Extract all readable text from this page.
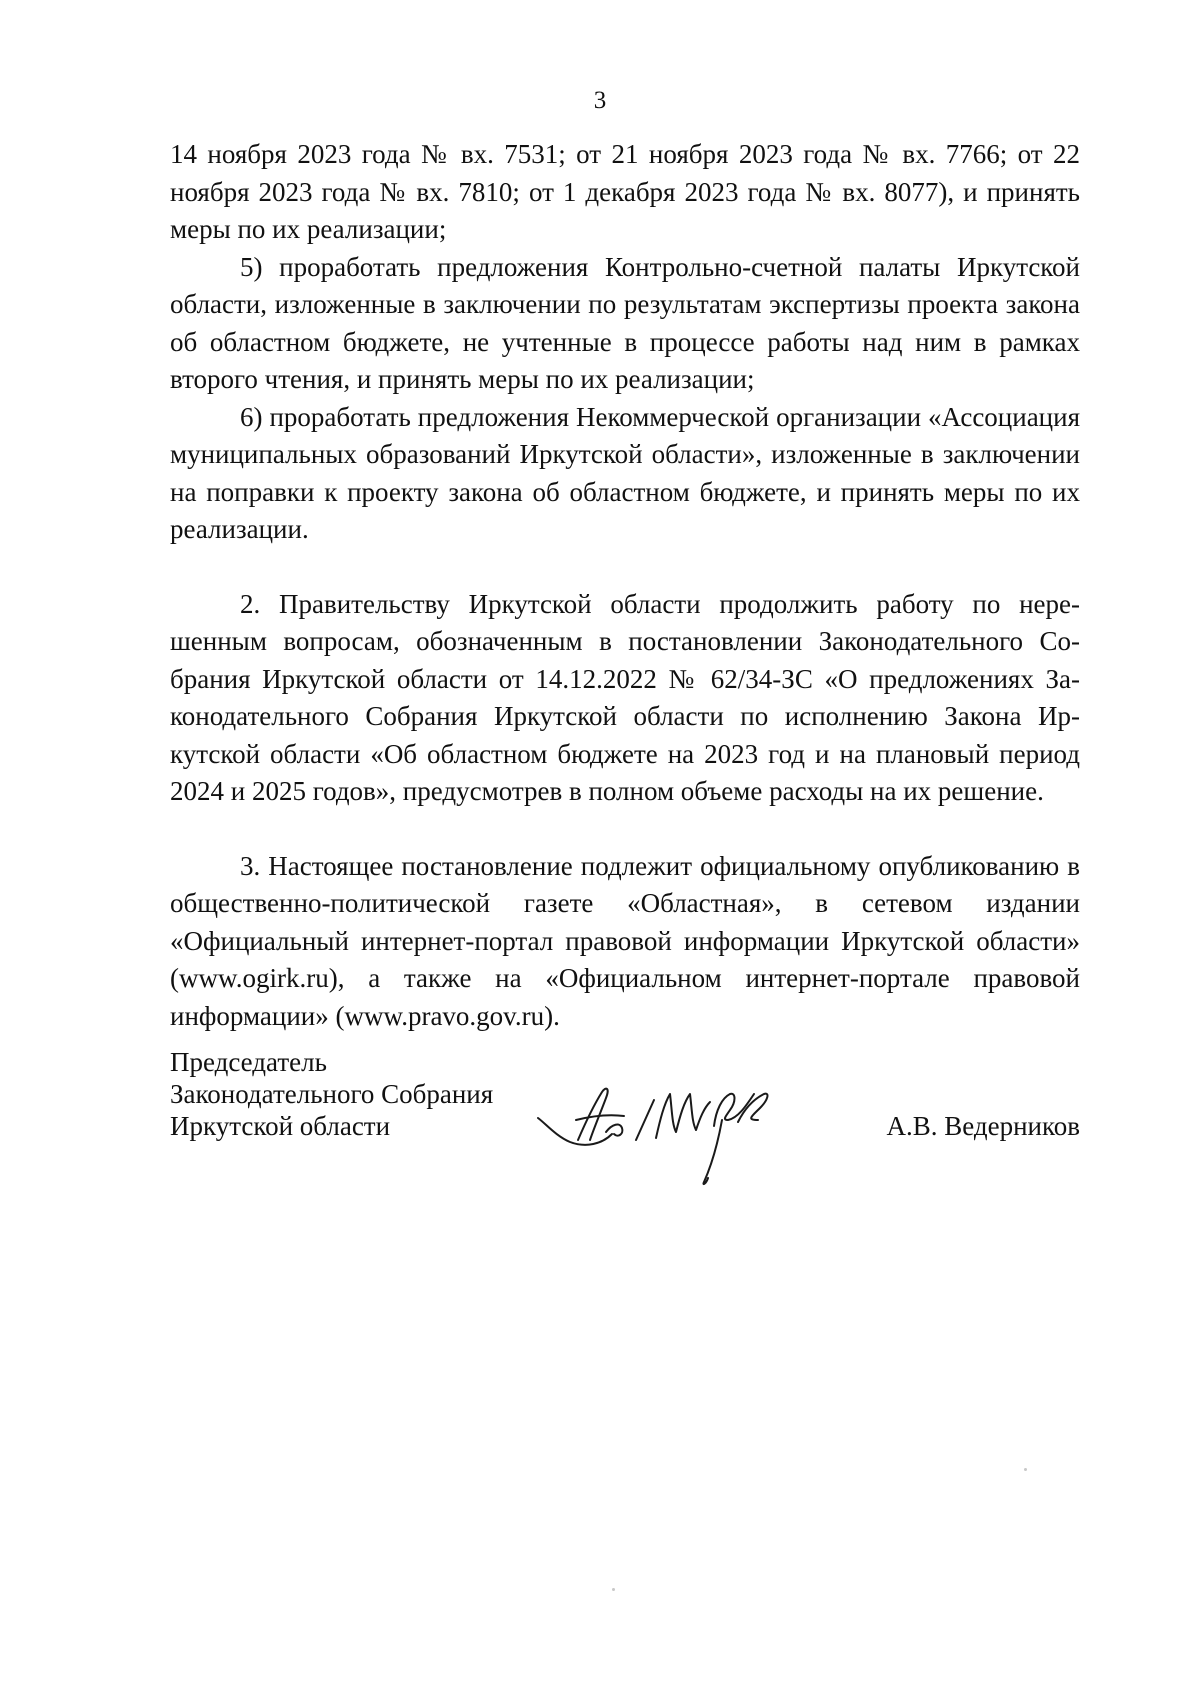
3

14 ноября 2023 года № вх. 7531; от 21 ноября 2023 года № вх. 7766; от 22 ноября 2023 года № вх. 7810; от 1 декабря 2023 года № вх. 8077), и принять меры по их реализации;

5) проработать предложения Контрольно-счетной палаты Иркутской области, изложенные в заключении по результатам экспертизы проекта закона об областном бюджете, не учтенные в процессе работы над ним в рамках второго чтения, и принять меры по их реализации;

6) проработать предложения Некоммерческой организации «Ассоциация муниципальных образований Иркутской области», изложенные в заключении на поправки к проекту закона об областном бюджете, и принять меры по их реализации.

2. Правительству Иркутской области продолжить работу по нерешенным вопросам, обозначенным в постановлении Законодательного Собрания Иркутской области от 14.12.2022 № 62/34-ЗС «О предложениях Законодательного Собрания Иркутской области по исполнению Закона Иркутской области «Об областном бюджете на 2023 год и на плановый период 2024 и 2025 годов», предусмотрев в полном объеме расходы на их решение.

3. Настоящее постановление подлежит официальному опубликованию в общественно-политической газете «Областная», в сетевом издании «Официальный интернет-портал правовой информации Иркутской области» (www.ogirk.ru), а также на «Официальном интернет-портале правовой информации» (www.pravo.gov.ru).

Председатель
Законодательного Собрания
Иркутской области	А.В. Ведерников
